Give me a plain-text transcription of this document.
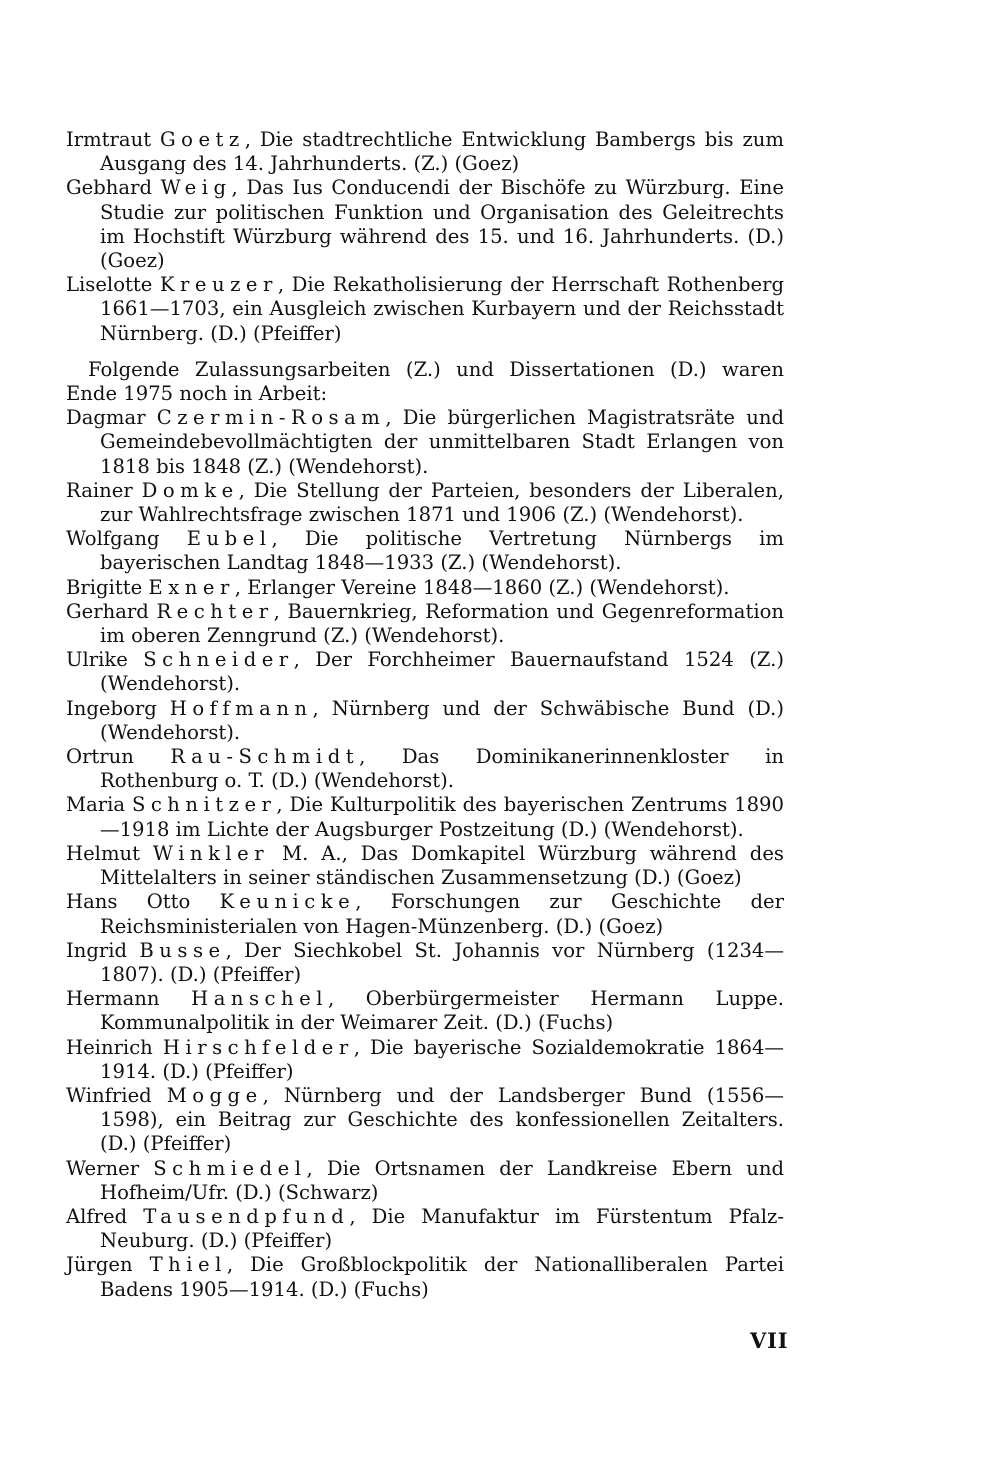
Irmtraut Goetz, Die stadtrechtliche Entwicklung Bambergs bis zum Ausgang des 14. Jahrhunderts. (Z.) (Goez)
Gebhard Weig, Das Ius Conducendi der Bischöfe zu Würzburg. Eine Studie zur politischen Funktion und Organisation des Geleitrechts im Hochstift Würzburg während des 15. und 16. Jahrhunderts. (D.) (Goez)
Liselotte Kreuzer, Die Rekatholisierung der Herrschaft Rothenberg 1661—1703, ein Ausgleich zwischen Kurbayern und der Reichsstadt Nürnberg. (D.) (Pfeiffer)
Folgende Zulassungsarbeiten (Z.) und Dissertationen (D.) waren Ende 1975 noch in Arbeit:
Dagmar Czermin-Rosam, Die bürgerlichen Magistratsräte und Gemeindebevollmächtigten der unmittelbaren Stadt Erlangen von 1818 bis 1848 (Z.) (Wendehorst).
Rainer Domke, Die Stellung der Parteien, besonders der Liberalen, zur Wahlrechtsfrage zwischen 1871 und 1906 (Z.) (Wendehorst).
Wolfgang Eubel, Die politische Vertretung Nürnbergs im bayerischen Landtag 1848—1933 (Z.) (Wendehorst).
Brigitte Exner, Erlanger Vereine 1848—1860 (Z.) (Wendehorst).
Gerhard Rechter, Bauernkrieg, Reformation und Gegenreformation im oberen Zenngrund (Z.) (Wendehorst).
Ulrike Schneider, Der Forchheimer Bauernaufstand 1524 (Z.) (Wendehorst).
Ingeborg Hoffmann, Nürnberg und der Schwäbische Bund (D.) (Wendehorst).
Ortrun Rau-Schmidt, Das Dominikanerinnenkloster in Rothenburg o. T. (D.) (Wendehorst).
Maria Schnitzer, Die Kulturpolitik des bayerischen Zentrums 1890—1918 im Lichte der Augsburger Postzeitung (D.) (Wendehorst).
Helmut Winkler M. A., Das Domkapitel Würzburg während des Mittelalters in seiner ständischen Zusammensetzung (D.) (Goez)
Hans Otto Keunicke, Forschungen zur Geschichte der Reichsministerialen von Hagen-Münzenberg. (D.) (Goez)
Ingrid Busse, Der Siechkobel St. Johannis vor Nürnberg (1234—1807). (D.) (Pfeiffer)
Hermann Hanschel, Oberbürgermeister Hermann Luppe. Kommunalpolitik in der Weimarer Zeit. (D.) (Fuchs)
Heinrich Hirschfelder, Die bayerische Sozialdemokratie 1864—1914. (D.) (Pfeiffer)
Winfried Mogge, Nürnberg und der Landsberger Bund (1556—1598), ein Beitrag zur Geschichte des konfessionellen Zeitalters. (D.) (Pfeiffer)
Werner Schmiedel, Die Ortsnamen der Landkreise Ebern und Hofheim/Ufr. (D.) (Schwarz)
Alfred Tausendpfund, Die Manufaktur im Fürstentum Pfalz-Neuburg. (D.) (Pfeiffer)
Jürgen Thiel, Die Großblockpolitik der Nationalliberalen Partei Badens 1905—1914. (D.) (Fuchs)
VII
